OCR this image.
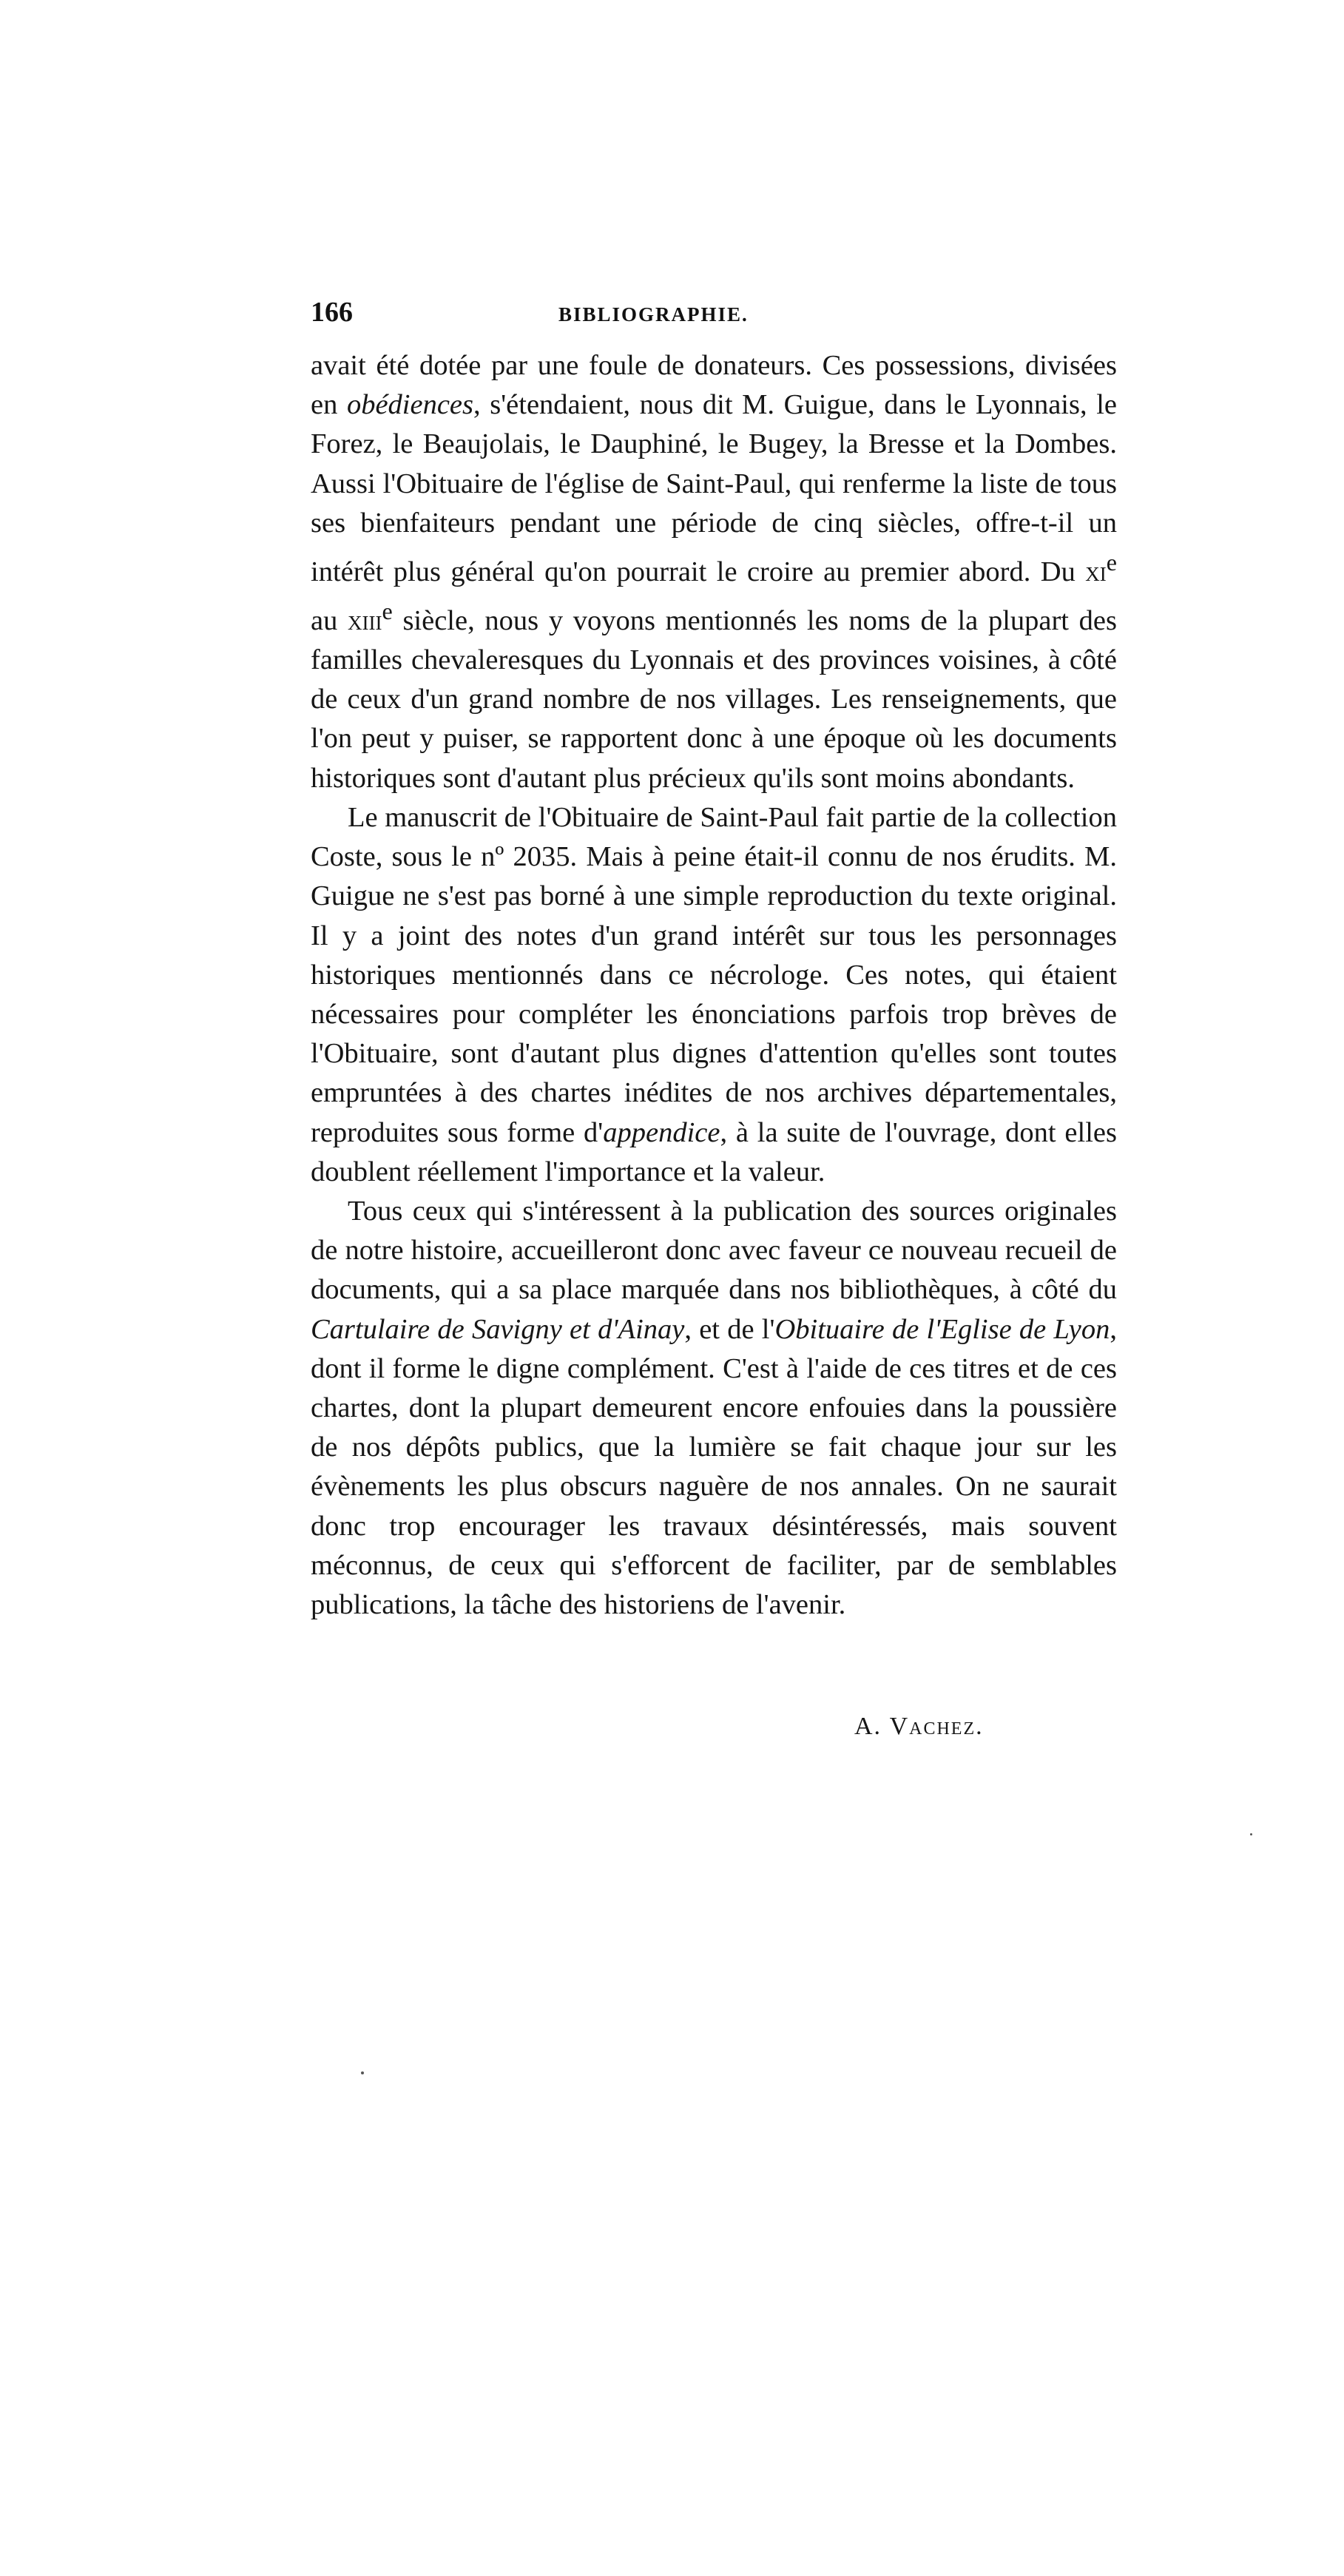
166	BIBLIOGRAPHIE.

avait été dotée par une foule de donateurs. Ces possessions, divisées en obédiences, s'étendaient, nous dit M. Guigue, dans le Lyonnais, le Forez, le Beaujolais, le Dauphiné, le Bugey, la Bresse et la Dombes. Aussi l'Obituaire de l'église de Saint-Paul, qui renferme la liste de tous ses bienfaiteurs pendant une période de cinq siècles, offre-t-il un intérêt plus général qu'on pourrait le croire au premier abord. Du $xi^e$ au xiii$^e$ siècle, nous y voyons mentionnés les noms de la plupart des familles chevaleresques du Lyonnais et des provinces voisines, à côté de ceux d'un grand nombre de nos villages. Les renseignements, que l'on peut y puiser, se rapportent donc à une époque où les documents historiques sont d'autant plus précieux qu'ils sont moins abondants.

Le manuscrit de l'Obituaire de Saint-Paul fait partie de la collection Coste, sous le nº 2035. Mais à peine était-il connu de nos érudits. M. Guigue ne s'est pas borné à une simple reproduction du texte original. Il y a joint des notes d'un grand intérêt sur tous les personnages historiques mentionnés dans ce nécrologe. Ces notes, qui étaient nécessaires pour compléter les énonciations parfois trop brèves de l'Obituaire, sont d'autant plus dignes d'attention qu'elles sont toutes empruntées à des chartes inédites de nos archives départementales, reproduites sous forme d'appendice, à la suite de l'ouvrage, dont elles doublent réellement l'importance et la valeur.

Tous ceux qui s'intéressent à la publication des sources originales de notre histoire, accueilleront donc avec faveur ce nouveau recueil de documents, qui a sa place marquée dans nos bibliothèques, à côté du Cartulaire de Savigny et d'Ainay, et de l'Obituaire de l'Eglise de Lyon, dont il forme le digne complément. C'est à l'aide de ces titres et de ces chartes, dont la plupart demeurent encore enfouies dans la poussière de nos dépôts publics, que la lumière se fait chaque jour sur les évènements les plus obscurs naguère de nos annales. On ne saurait donc trop encourager les travaux désintéressés, mais souvent méconnus, de ceux qui s'efforcent de faciliter, par de semblables publications, la tâche des historiens de l'avenir.

A. Vachez.
